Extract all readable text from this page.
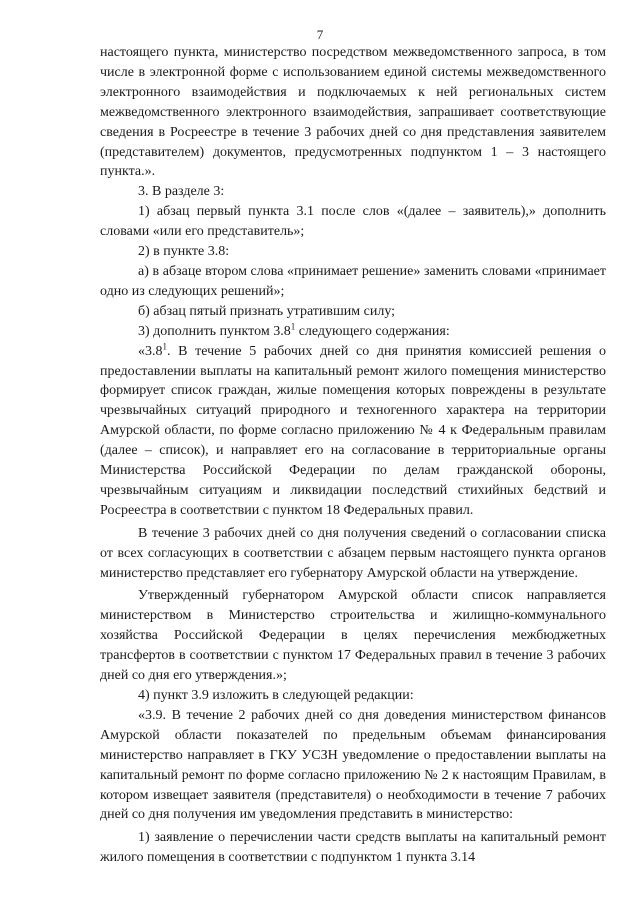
7

настоящего пункта, министерство посредством межведомственного запроса, в том числе в электронной форме с использованием единой системы межведомственного электронного взаимодействия и подключаемых к ней региональных систем межведомственного электронного взаимодействия, запрашивает соответствующие сведения в Росреестре в течение 3 рабочих дней со дня представления заявителем (представителем) документов, предусмотренных подпунктом 1 – 3 настоящего пункта.».

3. В разделе 3:

1) абзац первый пункта 3.1 после слов «(далее – заявитель),» дополнить словами «или его представитель»;

2) в пункте 3.8:

а) в абзаце втором слова «принимает решение» заменить словами «принимает одно из следующих решений»;

б) абзац пятый признать утратившим силу;

3) дополнить пунктом $3.8^1$ следующего содержания:

«$3.8^1$. В течение 5 рабочих дней со дня принятия комиссией решения о предоставлении выплаты на капитальный ремонт жилого помещения министерство формирует список граждан, жилые помещения которых повреждены в результате чрезвычайных ситуаций природного и техногенного характера на территории Амурской области, по форме согласно приложению № 4 к Федеральным правилам (далее – список), и направляет его на согласование в территориальные органы Министерства Российской Федерации по делам гражданской обороны, чрезвычайным ситуациям и ликвидации последствий стихийных бедствий и Росреестра в соответствии с пунктом 18 Федеральных правил.

В течение 3 рабочих дней со дня получения сведений о согласовании списка от всех согласующих в соответствии с абзацем первым настоящего пункта органов министерство представляет его губернатору Амурской области на утверждение.

Утвержденный губернатором Амурской области список направляется министерством в Министерство строительства и жилищно-коммунального хозяйства Российской Федерации в целях перечисления межбюджетных трансфертов в соответствии с пунктом 17 Федеральных правил в течение 3 рабочих дней со дня его утверждения.»;

4) пункт 3.9 изложить в следующей редакции:

«3.9. В течение 2 рабочих дней со дня доведения министерством финансов Амурской области показателей по предельным объемам финансирования министерство направляет в ГКУ УСЗН уведомление о предоставлении выплаты на капитальный ремонт по форме согласно приложению № 2 к настоящим Правилам, в котором извещает заявителя (представителя) о необходимости в течение 7 рабочих дней со дня получения им уведомления представить в министерство:

1) заявление о перечислении части средств выплаты на капитальный ремонт жилого помещения в соответствии с подпунктом 1 пункта 3.14
